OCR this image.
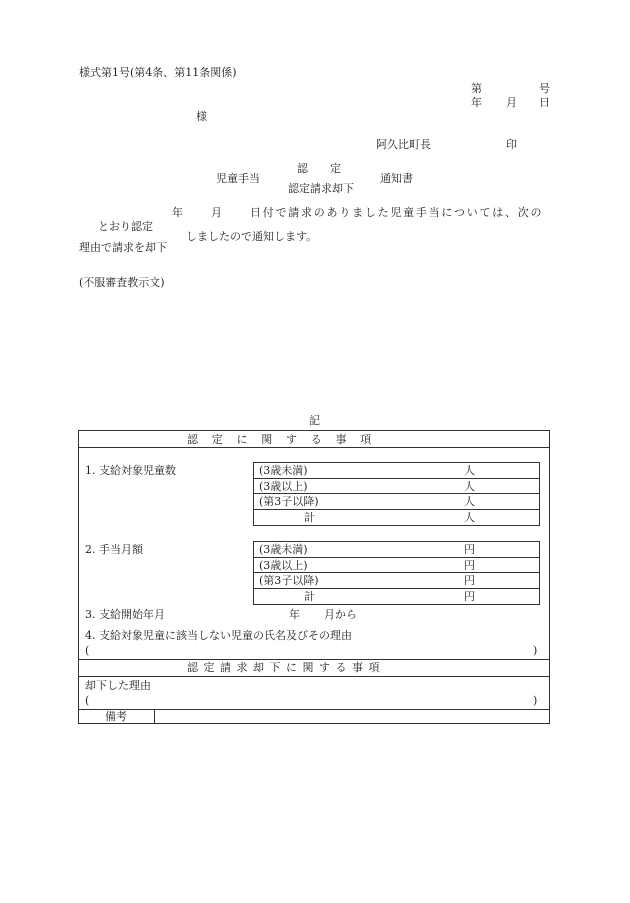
様式第1号(第4条、第11条関係)
第	号
年 月 日
様
阿久比町長	印
認　定
児童手当	通知書
認定請求却下
年	月	日付で請求のありました児童手当については、次の
とおり認定
しましたので通知します。
理由で請求を却下
(不服審査教示文)
記
認定に関する事項
1. 支給対象児童数	(3歳未満)	人
(3歳以上)	人
(第3子以降)	人
計	人
2. 手当月額	(3歳未満)	円
(3歳以上)	円
(第3子以降)	円
計	円
3. 支給開始年月	年 月から
4. 支給対象児童に該当しない児童の氏名及びその理由
(	)
認定請求却下に関する事項
却下した理由
(	)
備考
